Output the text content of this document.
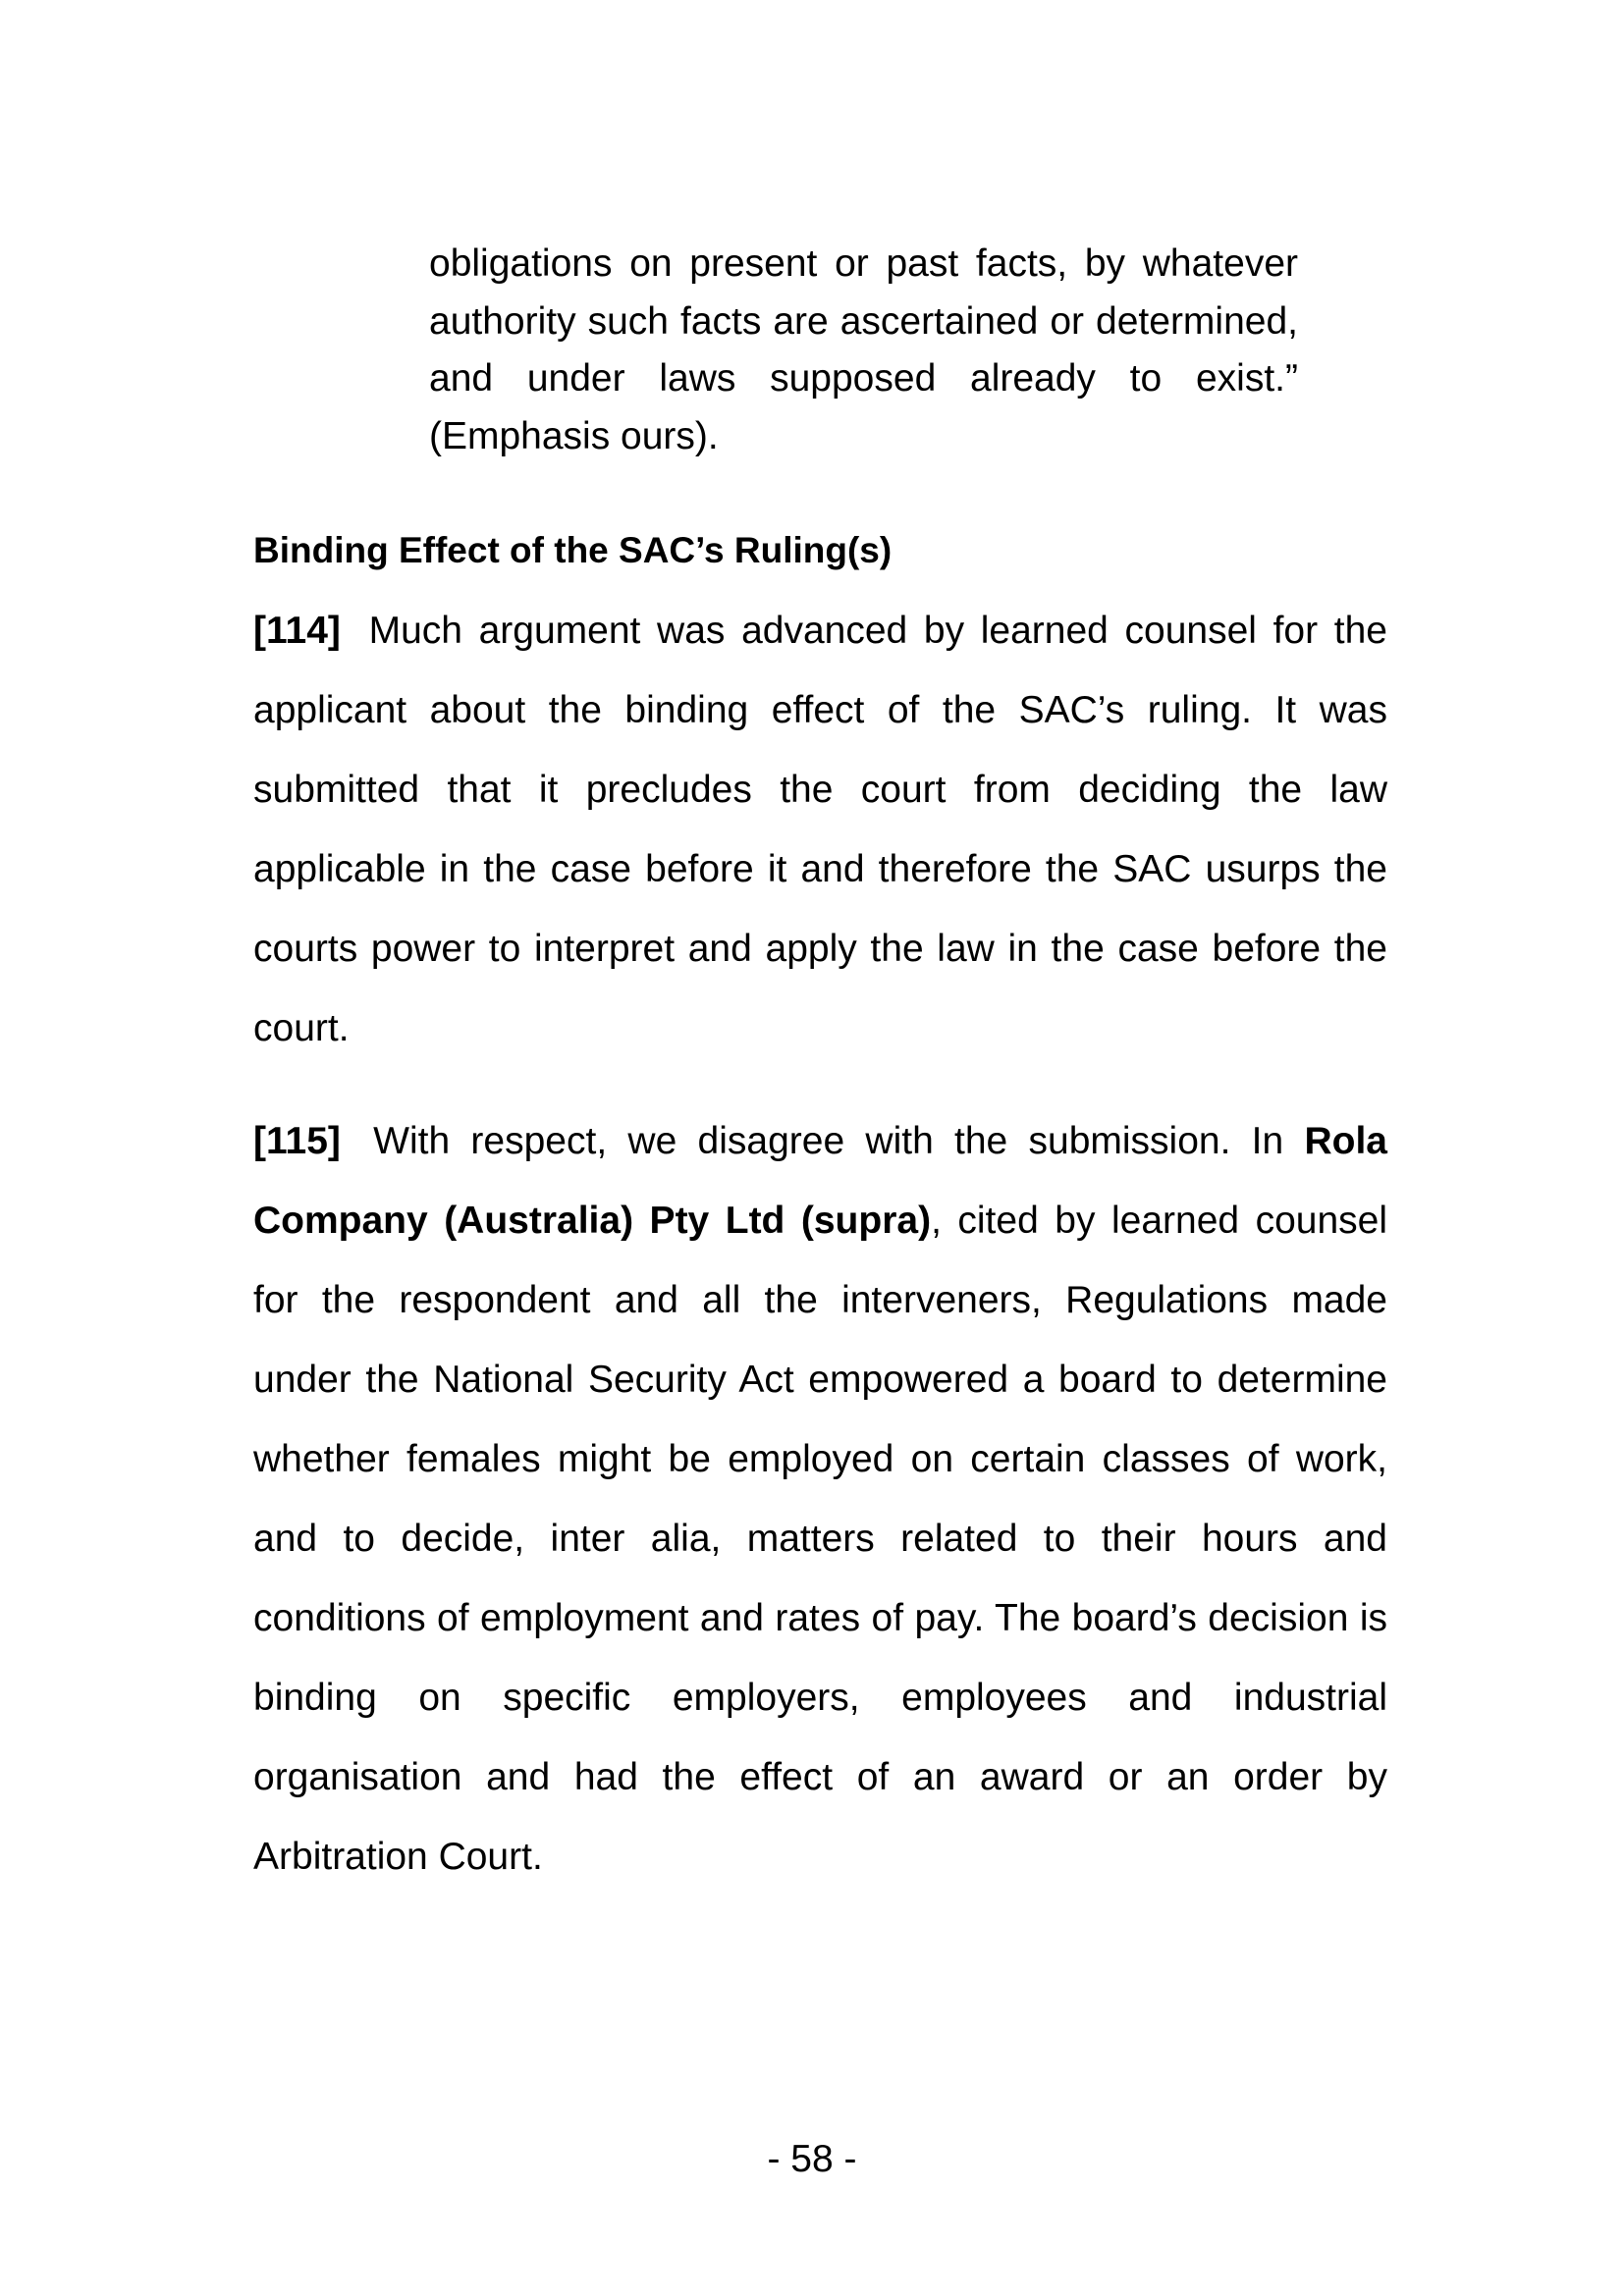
obligations on present or past facts, by whatever authority such facts are ascertained or determined, and under laws supposed already to exist.” (Emphasis ours).
Binding Effect of the SAC’s Ruling(s)

[114] Much argument was advanced by learned counsel for the applicant about the binding effect of the SAC’s ruling. It was submitted that it precludes the court from deciding the law applicable in the case before it and therefore the SAC usurps the courts power to interpret and apply the law in the case before the court.

[115] With respect, we disagree with the submission. In Rola Company (Australia) Pty Ltd (supra), cited by learned counsel for the respondent and all the interveners, Regulations made under the National Security Act empowered a board to determine whether females might be employed on certain classes of work, and to decide, inter alia, matters related to their hours and conditions of employment and rates of pay. The board’s decision is binding on specific employers, employees and industrial organisation and had the effect of an award or an order by Arbitration Court.

- 58 -
